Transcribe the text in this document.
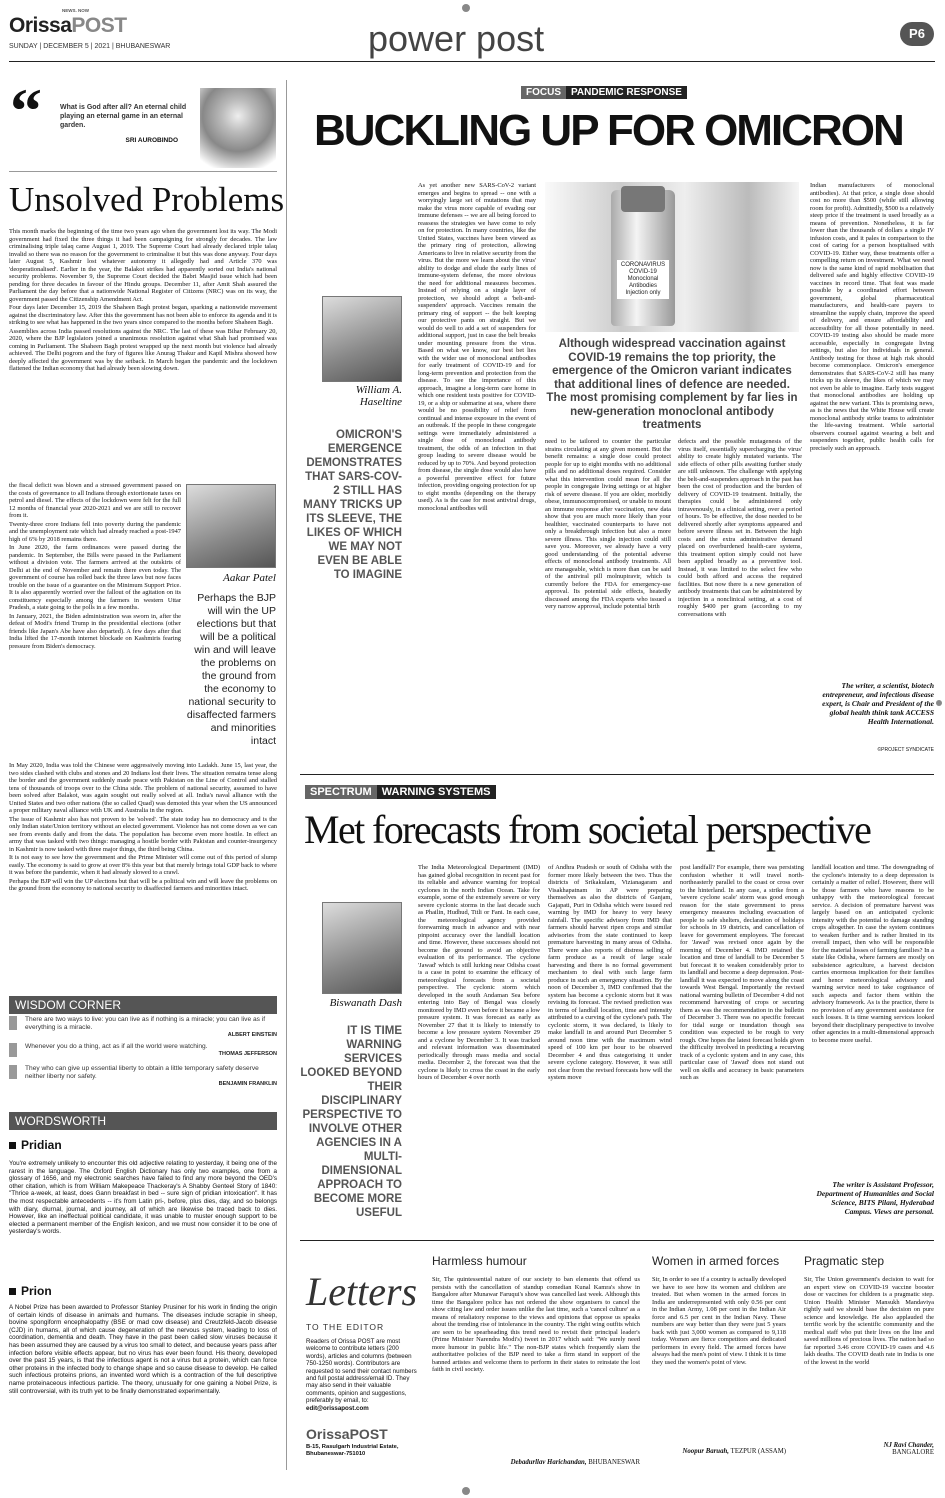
NEWS. NOW
OrissaPOST
SUNDAY | DECEMBER 5 | 2021 | BHUBANESWAR	power post	P6
“	What is God after all? An eternal child playing an eternal game in an eternal garden.
SRI AUROBINDO
Unsolved Problems

This month marks the beginning of the time two years ago when the government lost its way. The Modi government had fixed the three things it had been campaigning for strongly for decades. The law criminalising triple talaq came August 1, 2019. The Supreme Court had already declared triple talaq invalid so there was no reason for the government to criminalise it but this was done anyway. Four days later August 5, Kashmir lost whatever autonomy it allegedly had and Article 370 was 'deoperationalised'. Earlier in the year, the Balakot strikes had apparently sorted out India's national security problems. November 9, the Supreme Court decided the Babri Masjid issue which had been pending for three decades in favour of the Hindu groups. December 11, after Amit Shah assured the Parliament the day before that a nationwide National Register of Citizens (NRC) was on its way, the government passed the Citizenship Amendment Act.

Four days later December 15, 2019 the Shaheen Bagh protest began, sparking a nationwide movement against the discriminatory law. After this the government has not been able to enforce its agenda and it is striking to see what has happened in the two years since compared to the months before Shaheen Bagh.

Assemblies across India passed resolutions against the NRC. The last of these was Bihar February 20, 2020, where the BJP legislators joined a unanimous resolution against what Shah had promised was coming in Parliament. The Shaheen Bagh protest wrapped up the next month but violence had already achieved. The Delhi pogrom and the fury of figures like Anurag Thakur and Kapil Mishra showed how deeply affected the government was by the setback. In March began the pandemic and the lockdown flattened the Indian economy that had already been slowing down.

the fiscal deficit was blown and a stressed government passed on the costs of governance to all Indians through extortionate taxes on petrol and diesel. The effects of the lockdown were felt for the full 12 months of financial year 2020-2021 and we are still to recover from it.

Twenty-three crore Indians fell into poverty during the pandemic and the unemployment rate which had already reached a post-1947 high of 6% by 2018 remains there.

In June 2020, the farm ordinances were passed during the pandemic. In September, the Bills were passed in the Parliament without a division vote. The farmers arrived at the outskirts of Delhi at the end of November and remain there even today. The government of course has rolled back the three laws but now faces trouble on the issue of a guarantee on the Minimum Support Price. It is also apparently worried over the fallout of the agitation on its constituency especially among the farmers in western Uttar Pradesh, a state going to the polls in a few months.

In January, 2021, the Biden administration was sworn in, after the defeat of Modi's friend Trump in the presidential elections (other friends like Japan's Abe have also departed). A few days after that India lifted the 17-month internet blockade on Kashmiris fearing pressure from Biden's democracy.

Aakar Patel
Perhaps the BJP will win the UP elections but that will be a political win and will leave the problems on the ground from the economy to national security to disaffected farmers and minorities intact

In May 2020, India was told the Chinese were aggressively moving into Ladakh. June 15, last year, the two sides clashed with clubs and stones and 20 Indians lost their lives. The situation remains tense along the border and the government suddenly made peace with Pakistan on the Line of Control and stalled tens of thousands of troops over to the China side. The problem of national security, assumed to have been solved after Balakot, was again sought out really solved at all. India's naval alliance with the United States and two other nations (the so called Quad) was demoted this year when the US announced a proper military naval alliance with UK and Australia in the region.

The issue of Kashmir also has not proven to be 'solved'. The state today has no democracy and is the only Indian state/Union territory without an elected government. Violence has not come down as we can see from events daily and from the data. The population has become even more hostile. In effect an army that was tasked with two things: managing a hostile border with Pakistan and counter-insurgency in Kashmir is now tasked with three major things, the third being China.

It is not easy to see how the government and the Prime Minister will come out of this period of slump easily. The economy is said to grow at over 8% this year but that merely brings total GDP back to where it was before the pandemic, when it had already slowed to a crawl.

Perhaps the BJP will win the UP elections but that will be a political win and will leave the problems on the ground from the economy to national security to disaffected farmers and minorities intact.

WISDOM CORNER
There are two ways to live: you can live as if nothing is a miracle; you can live as if everything is a miracle.
ALBERT EINSTEIN
Whenever you do a thing, act as if all the world were watching.
THOMAS JEFFERSON
They who can give up essential liberty to obtain a little temporary safety deserve neither liberty nor safety.
BENJAMIN FRANKLIN
WORDSWORTH
Pridian

You're extremely unlikely to encounter this old adjective relating to yesterday, it being one of the rarest in the language. The Oxford English Dictionary has only two examples, one from a glossary of 1656, and my electronic searches have failed to find any more beyond the OED's other citation, which is from William Makepeace Thackeray's A Shabby Genteel Story of 1840: "Thrice a-week, at least, does Gann breakfast in bed -- sure sign of pridian intoxication". It has the most respectable antecedents -- it's from Latin pri-, before, plus dies, day, and so belongs with diary, diurnal, journal, and journey, all of which are likewise be traced back to dies. However, like an ineffectual political candidate, it was unable to muster enough support to be elected a permanent member of the English lexicon, and we must now consider it to be one of yesterday's words.

Prion

A Nobel Prize has been awarded to Professor Stanley Prusiner for his work in finding the origin of certain kinds of disease in animals and humans. The diseases include scrapie in sheep, bovine spongiform encephalopathy (BSE or mad cow disease) and Creutzfeld-Jacob disease (CJD) in humans, all of which cause degeneration of the nervous system, leading to loss of coordination, dementia and death. They have in the past been called slow viruses because it has been assumed they are caused by a virus too small to detect, and because years pass after infection before visible effects appear, but no virus has ever been found. His theory, developed over the past 15 years, is that the infectious agent is not a virus but a protein, which can force other proteins in the infected body to change shape and so cause disease to develop. He called such infectious proteins prions, an invented word which is a contraction of the full descriptive name proteinaceous infectious particle. The theory, unusually for one gaining a Nobel Prize, is still controversial, with its truth yet to be finally demonstrated experimentally.

FOCUS	PANDEMIC RESPONSE
BUCKLING UP FOR OMICRON
William A. Haseltine
OMICRON'S EMERGENCE DEMONSTRATES THAT SARS-COV-2 STILL HAS MANY TRICKS UP ITS SLEEVE, THE LIKES OF WHICH WE MAY NOT EVEN BE ABLE TO IMAGINE

As yet another new SARS-CoV-2 variant emerges and begins to spread -- one with a worryingly large set of mutations that may make the virus more capable of evading our immune defenses -- we are all being forced to reassess the strategies we have come to rely on for protection. In many countries, like the United States, vaccines have been viewed as the primary ring of protection, allowing Americans to live in relative security from the virus. But the more we learn about the virus' ability to dodge and elude the early lines of immune-system defense, the more obvious the need for additional measures becomes. Instead of relying on a single layer of protection, we should adopt a 'belt-and-suspenders' approach. Vaccines remain the primary ring of support -- the belt keeping our protective pants on straight. But we would do well to add a set of suspenders for additional support, just in case the belt breaks under mounting pressure from the virus. Based on what we know, our best bet lies with the wider use of monoclonal antibodies for early treatment of COVID-19 and for long-term prevention and protection from the disease. To see the importance of this approach, imagine a long-term care home in which one resident tests positive for COVID-19, or a ship or submarine at sea, where there would be no possibility of relief from continual and intense exposure in the event of an outbreak. If the people in these congregate settings were immediately administered a single dose of monoclonal antibody treatment, the odds of an infection in that group leading to severe disease would be reduced by up to 70%. And beyond protection from disease, the single dose would also have a powerful preventive effect for future infection, providing ongoing protection for up to eight months (depending on the therapy used). As is the case for most antiviral drugs, monoclonal antibodies will

CORONAVIRUS COVID-19 Monoclonal Antibodies Injection only
Although widespread vaccination against COVID-19 remains the top priority, the emergence of the Omicron variant indicates that additional lines of defence are needed. The most promising complement by far lies in new-generation monoclonal antibody treatments

need to be tailored to counter the particular strains circulating at any given moment. But the benefit remains: a single dose could protect people for up to eight months with no additional pills and no additional doses required. Consider what this intervention could mean for all the people in congregate living settings or at higher risk of severe disease. If you are older, morbidly obese, immunocompromised, or unable to mount an immune response after vaccination, new data show that you are much more likely than your healthier, vaccinated counterparts to have not only a breakthrough infection but also a more severe illness. This single injection could still save you. Moreover, we already have a very good understanding of the potential adverse effects of monoclonal antibody treatments. All are manageable, which is more than can be said of the antiviral pill molnupiravir, which is currently before the FDA for emergency-use approval. Its potential side effects, heatedly discussed among the FDA experts who issued a very narrow approval, include potential birth

defects and the possible mutagenesis of the virus itself, essentially supercharging the virus' ability to create highly mutated variants. The side effects of other pills awaiting further study are still unknown. The challenge with applying the belt-and-suspenders approach in the past has been the cost of production and the burden of delivery of COVID-19 treatment. Initially, the therapies could be administered only intravenously, in a clinical setting, over a period of hours. To be effective, the dose needed to be delivered shortly after symptoms appeared and before severe illness set in. Between the high costs and the extra administrative demand placed on overburdened health-care systems, this treatment option simply could not have been applied broadly as a preventive tool. Instead, it was limited to the select few who could both afford and access the required facilities. But now there is a new generation of antibody treatments that can be administered by injection in a nonclinical setting, at a cost of roughly $400 per gram (according to my conversations with

Indian manufacturers of monoclonal antibodies). At that price, a single dose should cost no more than $500 (while still allowing room for profit). Admittedly, $500 is a relatively steep price if the treatment is used broadly as a means of prevention. Nonetheless, it is far lower than the thousands of dollars a single IV infusion costs, and it pales in comparison to the cost of caring for a person hospitalised with COVID-19. Either way, these treatments offer a compelling return on investment. What we need now is the same kind of rapid mobilisation that delivered safe and highly effective COVID-19 vaccines in record time. That feat was made possible by a coordinated effort between government, global pharmaceutical manufacturers, and health-care payers to streamline the supply chain, improve the speed of delivery, and ensure affordability and accessibility for all those potentially in need. COVID-19 testing also should be made more accessible, especially in congregate living settings, but also for individuals in general. Antibody testing for those at high risk should become commonplace. Omicron's emergence demonstrates that SARS-CoV-2 still has many tricks up its sleeve, the likes of which we may not even be able to imagine. Early tests suggest that monoclonal antibodies are holding up against the new variant. This is promising news, as is the news that the White House will create monoclonal antibody strike teams to administer the life-saving treatment. While sartorial observers counsel against wearing a belt and suspenders together, public health calls for precisely such an approach.

The writer, a scientist, biotech entrepreneur, and infectious disease expert, is Chair and President of the global health think tank ACCESS Health International.
©PROJECT SYNDICATE
SPECTRUM WARNING SYSTEMS
Met forecasts from societal perspective
Biswanath Dash
IT IS TIME WARNING SERVICES LOOKED BEYOND THEIR DISCIPLINARY PERSPECTIVE TO INVOLVE OTHER AGENCIES IN A MULTI-DIMENSIONAL APPROACH TO BECOME MORE USEFUL

The India Meteorological Department (IMD) has gained global recognition in recent past for its reliable and advance warning for tropical cyclones in the north Indian Ocean. Take for example, some of the extremely severe or very severe cyclonic storms in the last decade such as Phailin, Hudhud, Titli or Fani. In each case, the meteorological agency provided forewarning much in advance and with near pinpoint accuracy over the landfall location and time. However, these successes should not become the ground to avoid an objective evaluation of its performance. The cyclone 'Jawad' which is still lurking near Odisha coast is a case in point to examine the efficacy of meteorological forecasts from a societal perspective. The cyclonic storm which developed in the south Andaman Sea before entering into Bay of Bengal was closely monitored by IMD even before it became a low pressure system. It was forecast as early as November 27 that it is likely to intensify to become a low pressure system November 29 and a cyclone by December 3. It was tracked and relevant information was disseminated periodically through mass media and social media. December 2, the forecast was that the cyclone is likely to cross the coast in the early hours of December 4 over north

of Andhra Pradesh or south of Odisha with the former more likely between the two. Thus the districts of Srikakulam, Vizianagaram and Visakhapatnam in AP were preparing themselves as also the districts of Ganjam, Gajapati, Puri in Odisha which were issued red warning by IMD for heavy to very heavy rainfall. The specific advisory from IMD that farmers should harvest ripen crops and similar advisories from the state continued to keep premature harvesting in many areas of Odisha. There were also reports of distress selling of farm produce as a result of large scale harvesting and there is no formal government mechanism to deal with such large farm produce in such an emergency situation. By the noon of December 3, IMD confirmed that the system has become a cyclonic storm but it was revising its forecast. The revised prediction was in terms of landfall location, time and intensity attributed to a curving of the cyclone's path. The cyclonic storm, it was declared, is likely to make landfall in and around Puri December 5 around noon time with the maximum wind speed of 100 km per hour to be observed December 4 and thus categorising it under severe cyclone category. However, it was still not clear from the revised forecasts how will the system move

post landfall? For example, there was persisting confusion whether it will travel north-northeasterly parallel to the coast or cross over to the hinterland. In any case, a strike from a 'severe cyclone scale' storm was good enough reason for the state government to press emergency measures including evacuation of people to safe shelters, declaration of holidays for schools in 19 districts, and cancellation of leave for government employees. The forecast for 'Jawad' was revised once again by the morning of December 4. IMD retained the location and time of landfall to be December 5 but forecast it to weaken considerably prior to its landfall and become a deep depression. Post-landfall it was expected to move along the coast towards West Bengal. Importantly the revised national warning bulletin of December 4 did not recommend harvesting of crops or securing them as was the recommendation in the bulletin of December 3. There was no specific forecast for tidal surge or inundation though sea condition was expected to be rough to very rough. One hopes the latest forecast holds given the difficulty involved in predicting a recurving track of a cyclonic system and in any case, this particular case of 'Jawad' does not stand out well on skills and accuracy in basic parameters such as

landfall location and time. The downgrading of the cyclone's intensity to a deep depression is certainly a matter of relief. However, there will be those farmers who have reasons to be unhappy with the meteorological forecast service. A decision of premature harvest was largely based on an anticipated cyclonic intensity with the potential to damage standing crops altogether. In case the system continues to weaken further and is rather limited in its overall impact, then who will be responsible for the material losses of farming families? In a state like Odisha, where farmers are mostly on subsistence agriculture, a harvest decision carries enormous implication for their families and hence meteorological advisory and warning service need to take cognisance of such aspects and factor them within the advisory framework. As is the practice, there is no provision of any government assistance for such losses. It is time warning services looked beyond their disciplinary perspective to involve other agencies in a multi-dimensional approach to become more useful.

The writer is Assistant Professor, Department of Humanities and Social Science, BITS Pilani, Hyderabad Campus. Views are personal.
Letters
TO THE EDITOR
Readers of Orissa POST are most welcome to contribute letters (200 words), articles and columns (between 750-1250 words). Contributors are requested to send their contact numbers and full postal address/email ID. They may also send in their valuable comments, opinion and suggestions, preferably by email, to: edit@orissapost.com
OrissaPOST
B-15, Rasulgarh Industrial Estate, Bhubaneswar-751010
Harmless humour

Sir, The quintessential nature of our society to ban elements that offend us persists with the cancellation of standup comedian Kunal Kamra's show in Bangalore after Munawar Faruqui's show was cancelled last week. Although this time the Bangalore police has not ordered the show organisers to cancel the show citing law and order issues unlike the last time, such a 'cancel culture' as a means of retaliatory response to the views and opinions that oppose us speaks about the trending rise of intolerance in the country. The right wing outfits which are seen to be spearheading this trend need to revisit their principal leader's (Prime Minister Narendra Modi's) tweet in 2017 which said: "We surely need more humour in public life." The non-BJP states which frequently slam the authoritative policies of the BJP need to take a firm stand in support of the banned artistes and welcome them to perform in their states to reinstate the lost faith in civil society.

Debadurllav Harichandan, BHUBANESWAR
Women in armed forces

Sir, In order to see if a country is actually developed we have to see how its women and children are treated. But when women in the armed forces in India are underrepresented with only 0.56 per cent in the Indian Army, 1.08 per cent in the Indian Air force and 6.5 per cent in the Indian Navy. These numbers are way better than they were just 5 years back with just 3,000 women as compared to 9,118 today. Women are fierce competitors and dedicated performers in every field. The armed forces have always had the men's point of view. I think it is time they used the women's point of view.

Noopur Baruah, TEZPUR (ASSAM)
Pragmatic step

Sir, The Union government's decision to wait for an expert view on COVID-19 vaccine booster dose or vaccines for children is a pragmatic step. Union Health Minister Mansukh Mandaviya rightly said we should base the decision on pure science and knowledge. He also applauded the terrific work by the scientific community and the medical staff who put their lives on the line and saved millions of precious lives. The nation had so far reported 3.46 crore COVID-19 cases and 4.6 lakh deaths. The COVID death rate in India is one of the lowest in the world

NJ Ravi Chander,
BANGALORE
